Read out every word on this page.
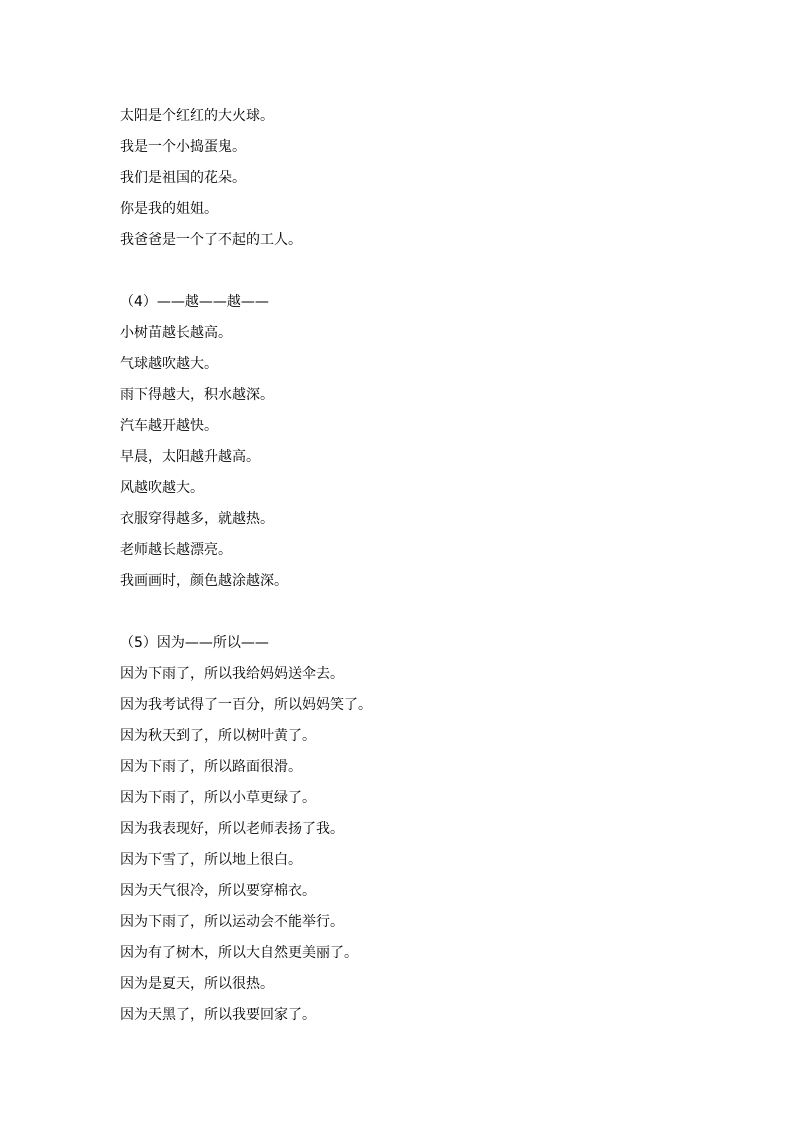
太阳是个红红的大火球。
我是一个小捣蛋鬼。
我们是祖国的花朵。
你是我的姐姐。
我爸爸是一个了不起的工人。
（4）——越——越——
小树苗越长越高。
气球越吹越大。
雨下得越大，积水越深。
汽车越开越快。
早晨，太阳越升越高。
风越吹越大。
衣服穿得越多，就越热。
老师越长越漂亮。
我画画时，颜色越涂越深。
（5）因为——所以——
因为下雨了，所以我给妈妈送伞去。
因为我考试得了一百分，所以妈妈笑了。
因为秋天到了，所以树叶黄了。
因为下雨了，所以路面很滑。
因为下雨了，所以小草更绿了。
因为我表现好，所以老师表扬了我。
因为下雪了，所以地上很白。
因为天气很冷，所以要穿棉衣。
因为下雨了，所以运动会不能举行。
因为有了树木，所以大自然更美丽了。
因为是夏天，所以很热。
因为天黑了，所以我要回家了。
